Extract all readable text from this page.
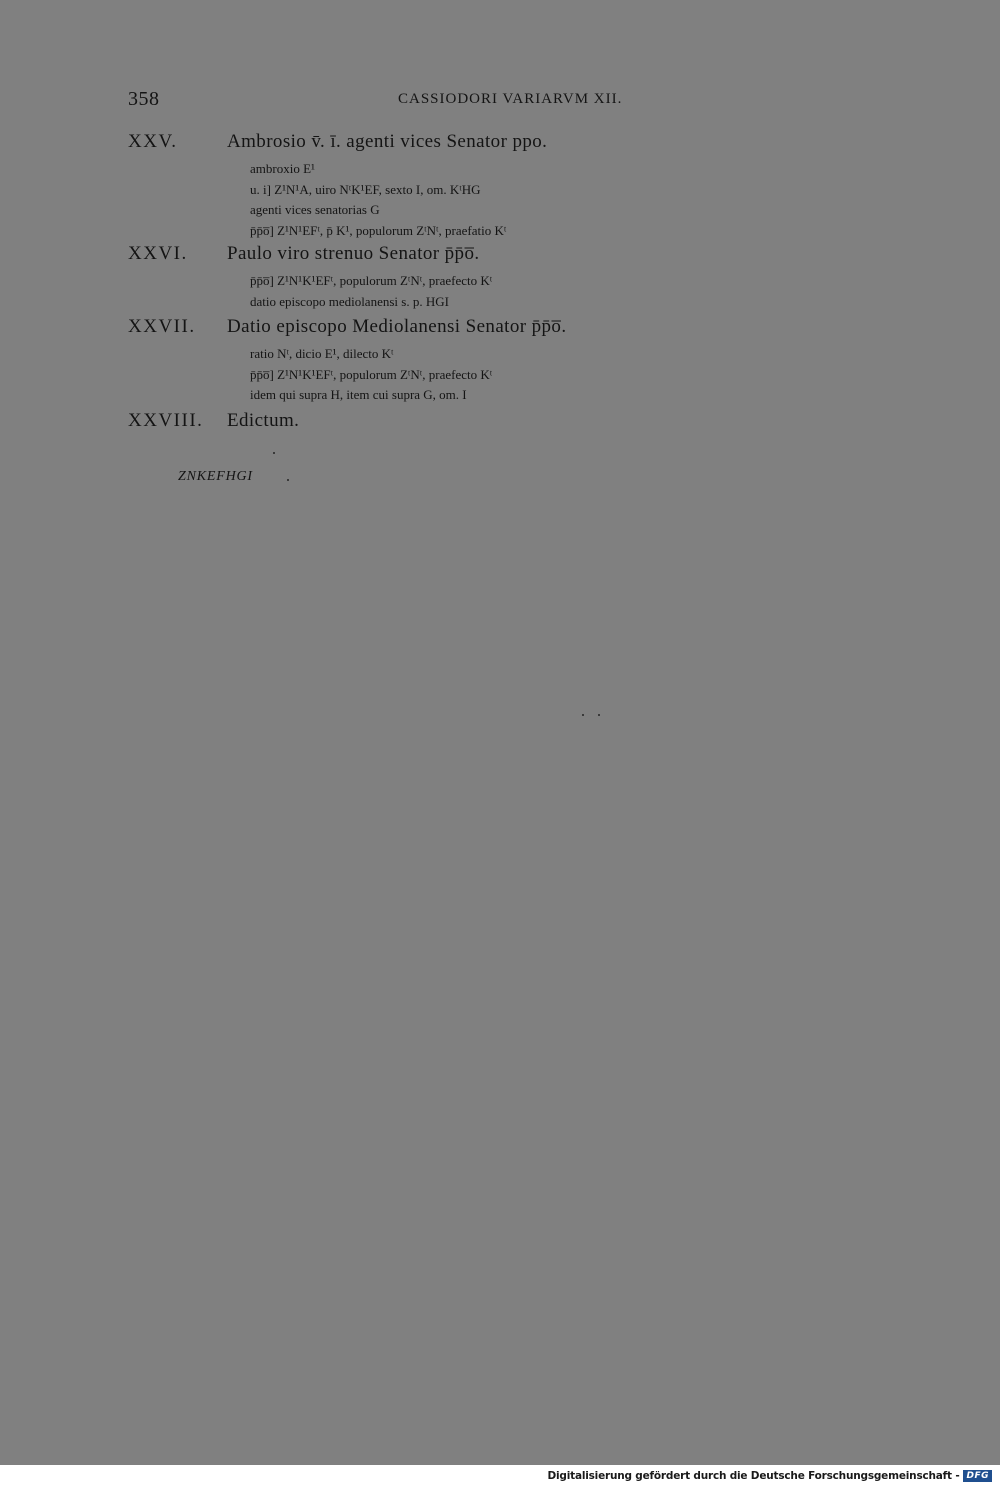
358	CASSIODORI VARIARVM XII.
XXV.	Ambrosio v̄. ī. agenti vices Senator ppo.
ambroxio E¹
u. i] Z¹N¹A, uiro NᵗK¹EF, sexto I, om. KᵗHG
agenti vices senatorias G
p̄p̄o̅] Z¹N¹EFᵗ, p̄ K¹, populorum ZᵗNᵗ, praefatio Kᵗ
XXVI. Paulo viro strenuo Senator p̄p̄o̅.
p̄p̄o̅] Z¹N¹K¹EFᵗ, populorum ZᵗNᵗ, praefecto Kᵗ
datio episcopo mediolanensi s. p. HGI
XXVII. Datio episcopo Mediolanensi Senator p̄p̄o̅.
ratio Nᵗ, dicio E¹, dilecto Kᵗ
p̄p̄o̅] Z¹N¹K¹EFᵗ, populorum ZᵗNᵗ, praefecto Kᵗ
idem qui supra H, item cui supra G, om. I
XXVIII. Edictum.
ZNKEFHGI
Digitalisierung gefördert durch die Deutsche Forschungsgemeinschaft - DFG
